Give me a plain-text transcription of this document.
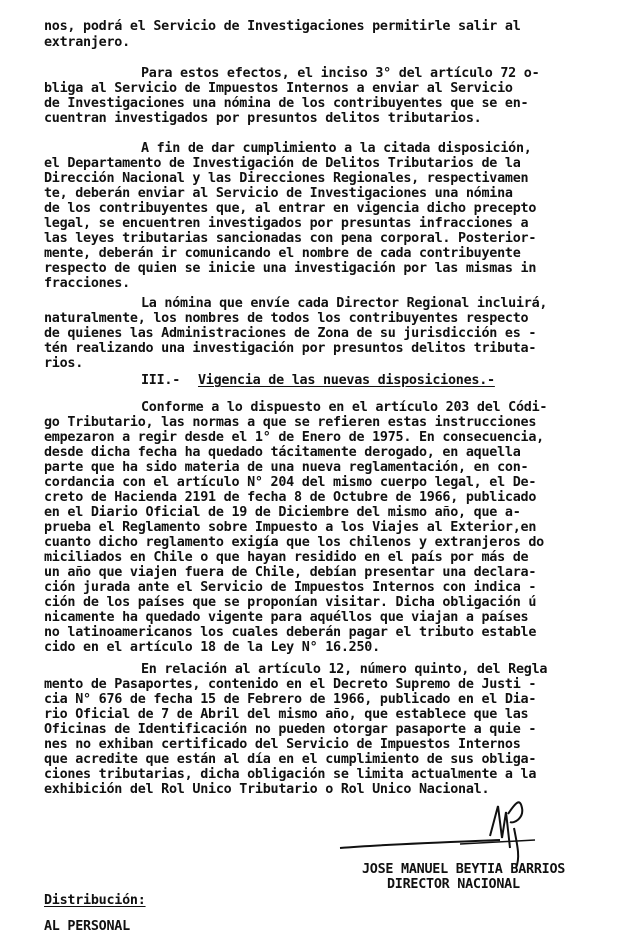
nos, podrá el Servicio de Investigaciones permitirle salir al
extranjero.
Para estos efectos, el inciso 3° del artículo 72 o-
bliga al Servicio de Impuestos Internos a enviar al Servicio
de Investigaciones una nómina de los contribuyentes que se en-
cuentran investigados por presuntos delitos tributarios.
A fin de dar cumplimiento a la citada disposición,
el Departamento de Investigación de Delitos Tributarios de la
Dirección Nacional y las Direcciones Regionales, respectivamen
te, deberán enviar al Servicio de Investigaciones una nómina
de los contribuyentes que, al entrar en vigencia dicho precepto
legal, se encuentren investigados por presuntas infracciones a
las leyes tributarias sancionadas con pena corporal. Posterior-
mente, deberán ir comunicando el nombre de cada contribuyente
respecto de quien se inicie una investigación por las mismas in
fracciones.
La nómina que envíe cada Director Regional incluirá,
naturalmente, los nombres de todos los contribuyentes respecto
de quienes las Administraciones de Zona de su jurisdicción es -
tén realizando una investigación por presuntos delitos tributa-
rios.
III.- Vigencia de las nuevas disposiciones.-
Conforme a lo dispuesto en el artículo 203 del Códi-
go Tributario, las normas a que se refieren estas instrucciones
empezaron a regir desde el 1° de Enero de 1975. En consecuencia,
desde dicha fecha ha quedado tácitamente derogado, en aquella
parte que ha sido materia de una nueva reglamentación, en con-
cordancia con el artículo N° 204 del mismo cuerpo legal, el De-
creto de Hacienda 2191 de fecha 8 de Octubre de 1966, publicado
en el Diario Oficial de 19 de Diciembre del mismo año, que a-
prueba el Reglamento sobre Impuesto a los Viajes al Exterior,en
cuanto dicho reglamento exigía que los chilenos y extranjeros do
miciliados en Chile o que hayan residido en el país por más de
un año que viajen fuera de Chile, debían presentar una declara-
ción jurada ante el Servicio de Impuestos Internos con indica -
ción de los países que se proponían visitar. Dicha obligación ú
nicamente ha quedado vigente para aquéllos que viajan a países
no latinoamericanos los cuales deberán pagar el tributo estable
cido en el artículo 18 de la Ley N° 16.250.
En relación al artículo 12, número quinto, del Regla
mento de Pasaportes, contenido en el Decreto Supremo de Justi -
cia N° 676 de fecha 15 de Febrero de 1966, publicado en el Dia-
rio Oficial de 7 de Abril del mismo año, que establece que las
Oficinas de Identificación no pueden otorgar pasaporte a quie -
nes no exhiban certificado del Servicio de Impuestos Internos
que acredite que están al día en el cumplimiento de sus obliga-
ciones tributarias, dicha obligación se limita actualmente a la
exhibición del Rol Unico Tributario o Rol Unico Nacional.
JOSE MANUEL BEYTIA BARRIOS
DIRECTOR NACIONAL
Distribución:
AL PERSONAL
